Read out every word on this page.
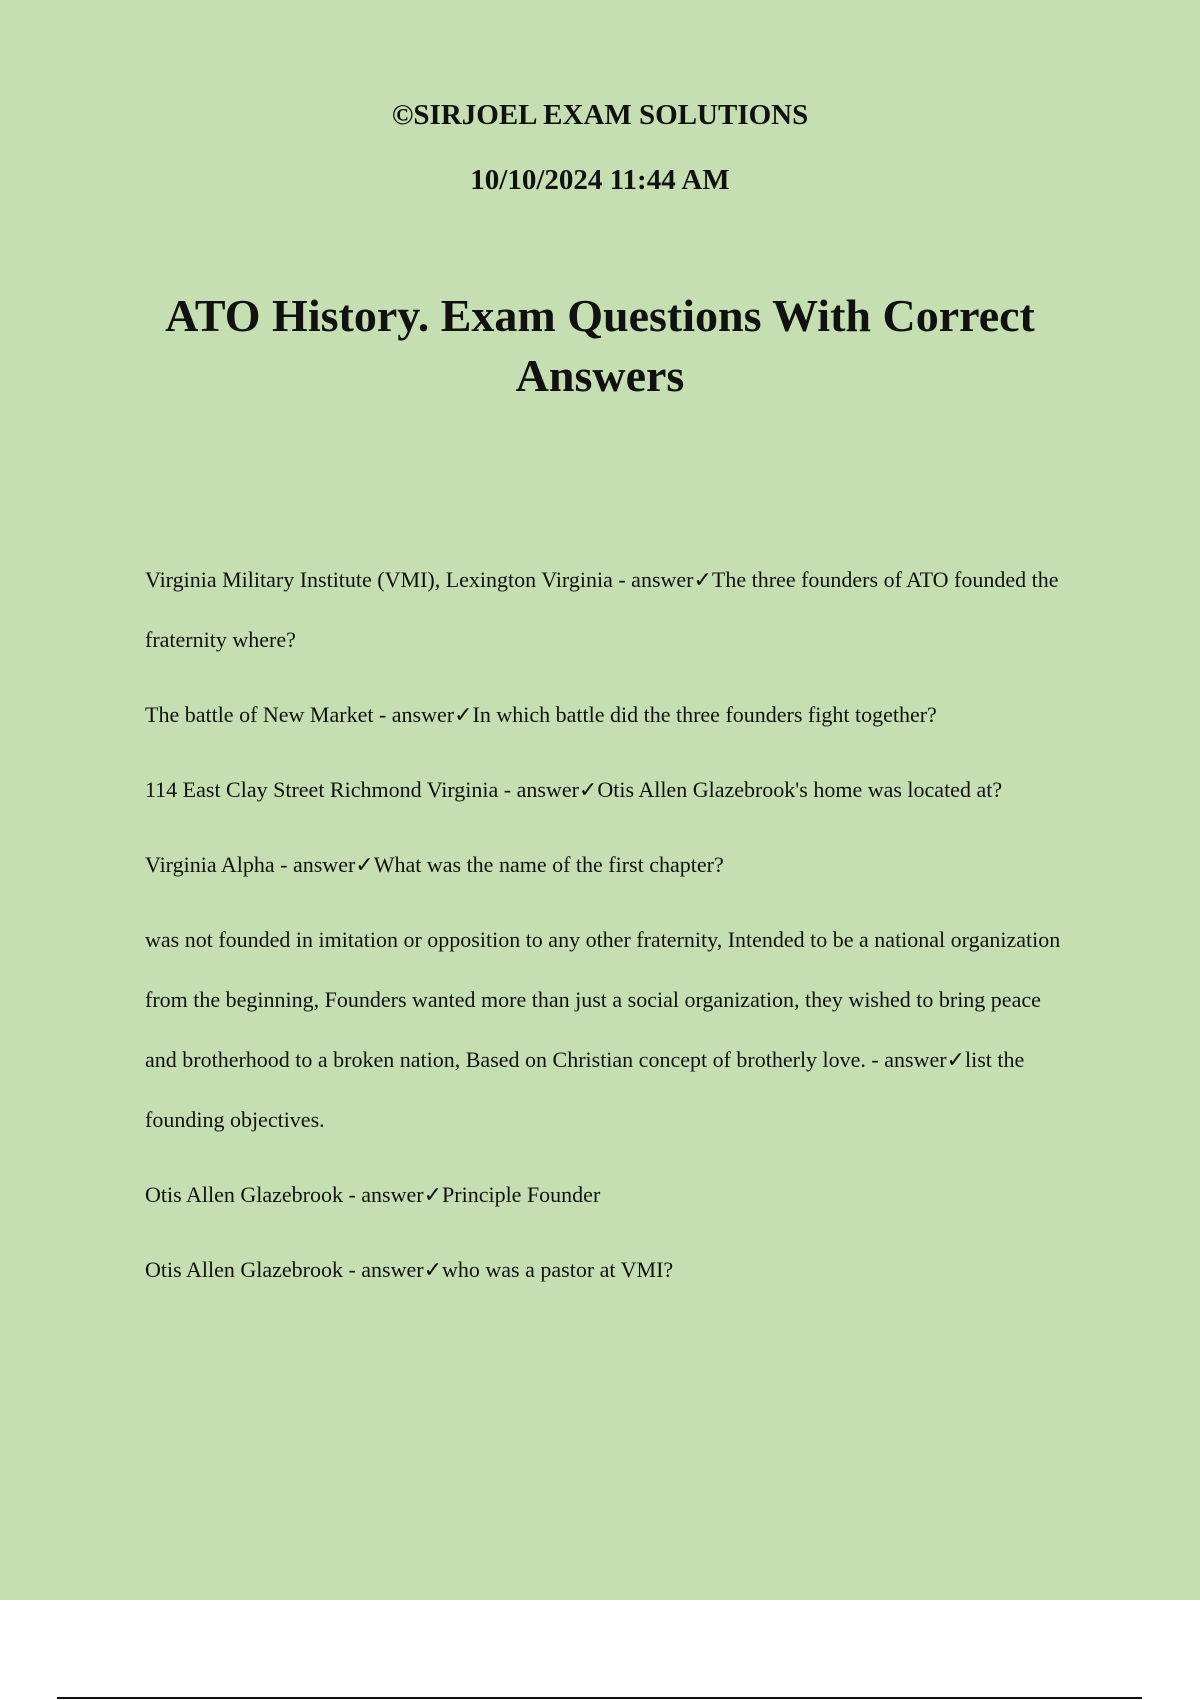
©SIRJOEL EXAM SOLUTIONS

10/10/2024 11:44 AM

ATO History. Exam Questions With Correct Answers

Virginia Military Institute (VMI), Lexington Virginia - answer✓The three founders of ATO founded the fraternity where?

The battle of New Market - answer✓In which battle did the three founders fight together?

114 East Clay Street Richmond Virginia - answer✓Otis Allen Glazebrook's home was located at?

Virginia Alpha - answer✓What was the name of the first chapter?

was not founded in imitation or opposition to any other fraternity, Intended to be a national organization from the beginning, Founders wanted more than just a social organization, they wished to bring peace and brotherhood to a broken nation, Based on Christian concept of brotherly love. - answer✓list the founding objectives.

Otis Allen Glazebrook - answer✓Principle Founder

Otis Allen Glazebrook - answer✓who was a pastor at VMI?
